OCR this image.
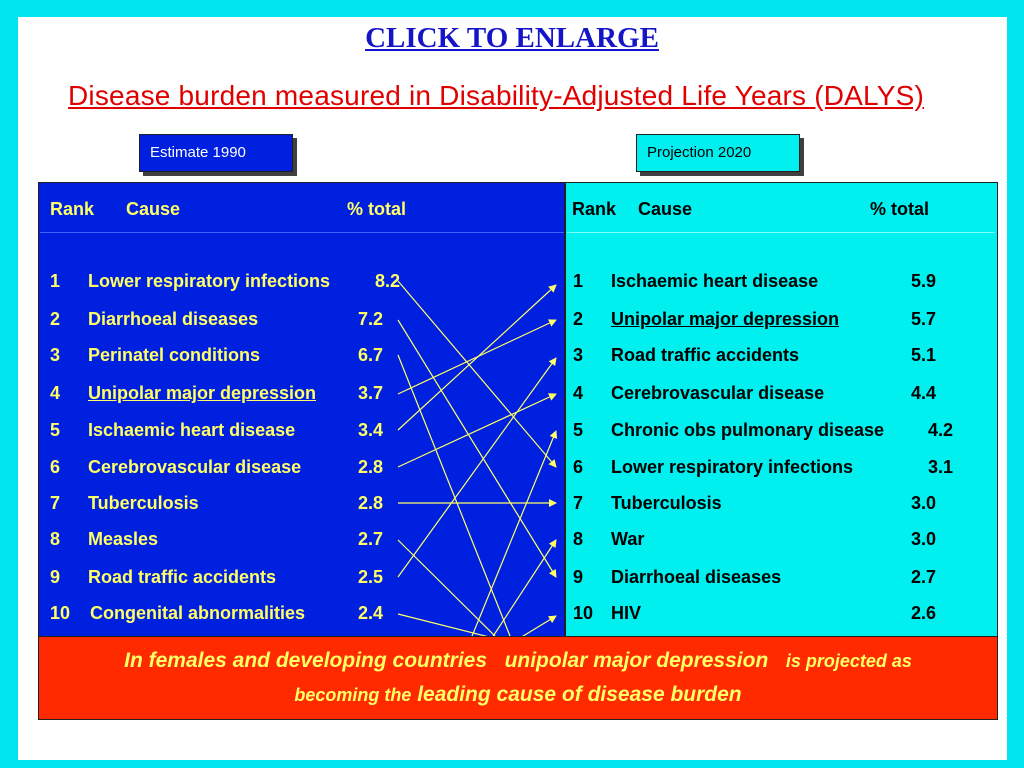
CLICK TO ENLARGE
Disease burden measured in Disability-Adjusted Life Years (DALYS)
Estimate 1990	Projection 2020
Rank Cause	% total	Rank Cause	% total
1 Lower respiratory infections 8.2
2 Diarrhoeal diseases	7.2
3 Perinatel conditions	6.7
4 Unipolar major depression 3.7
5 Ischaemic heart disease	3.4
6 Cerebrovascular disease	2.8
7 Tuberculosis	2.8
8 Measles	2.7
9 Road traffic accidents	2.5
10 Congenital abnormalities	2.4
1 Ischaemic heart disease	5.9
2 Unipolar major depression	5.7
3 Road traffic accidents	5.1
4 Cerebrovascular disease	4.4
5 Chronic obs pulmonary disease 4.2
6 Lower respiratory infections	3.1
7 Tuberculosis	3.0
8 War	3.0
9 Diarrhoeal diseases	2.7
10 HIV	2.6
In females and developing countries unipolar major depression is projected as
becoming the leading cause of disease burden
